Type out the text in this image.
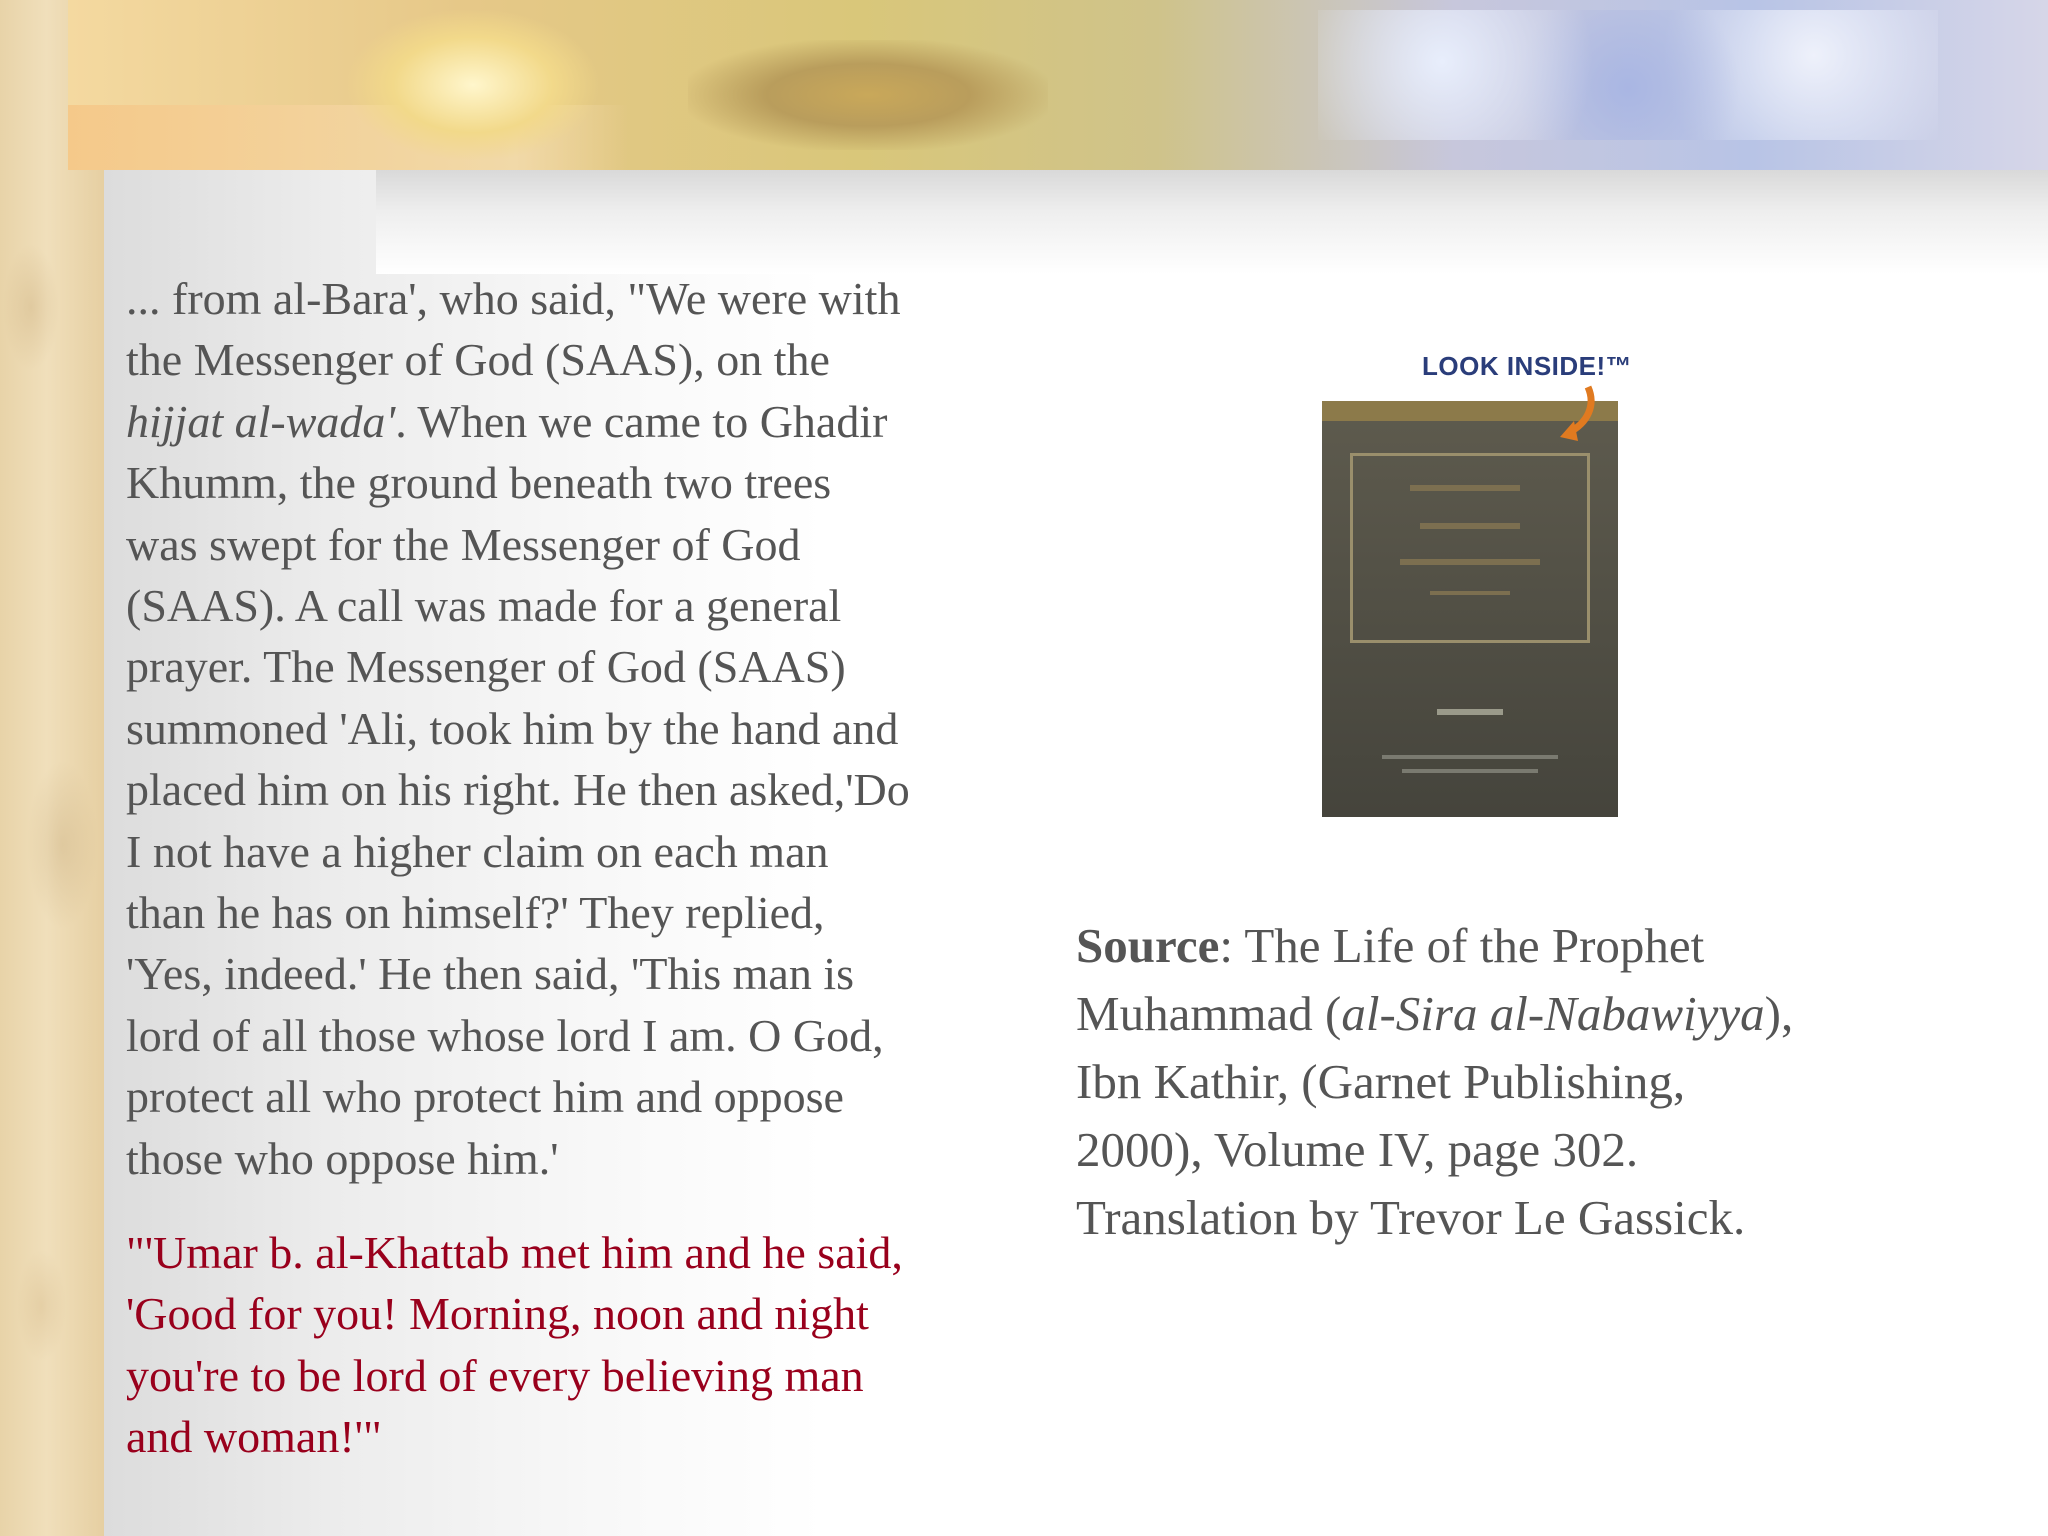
... from al-Bara', who said, "We were with
the Messenger of God (SAAS), on the
hijjat al-wada'. When we came to Ghadir
Khumm, the ground beneath two trees
was swept for the Messenger of God
(SAAS). A call was made for a general
prayer. The Messenger of God (SAAS)
summoned 'Ali, took him by the hand and
placed him on his right. He then asked,'Do
I not have a higher claim on each man
than he has on himself?' They replied,
'Yes, indeed.' He then said, 'This man is
lord of all those whose lord I am. O God,
protect all who protect him and oppose
those who oppose him.'
"'Umar b. al-Khattab met him and he said,
'Good for you! Morning, noon and night
you're to be lord of every believing man
and woman!'"
LOOK INSIDE!™
Source: The Life of the Prophet
Muhammad (al-Sira al-Nabawiyya),
Ibn Kathir, (Garnet Publishing,
2000), Volume IV, page 302.
Translation by Trevor Le Gassick.
